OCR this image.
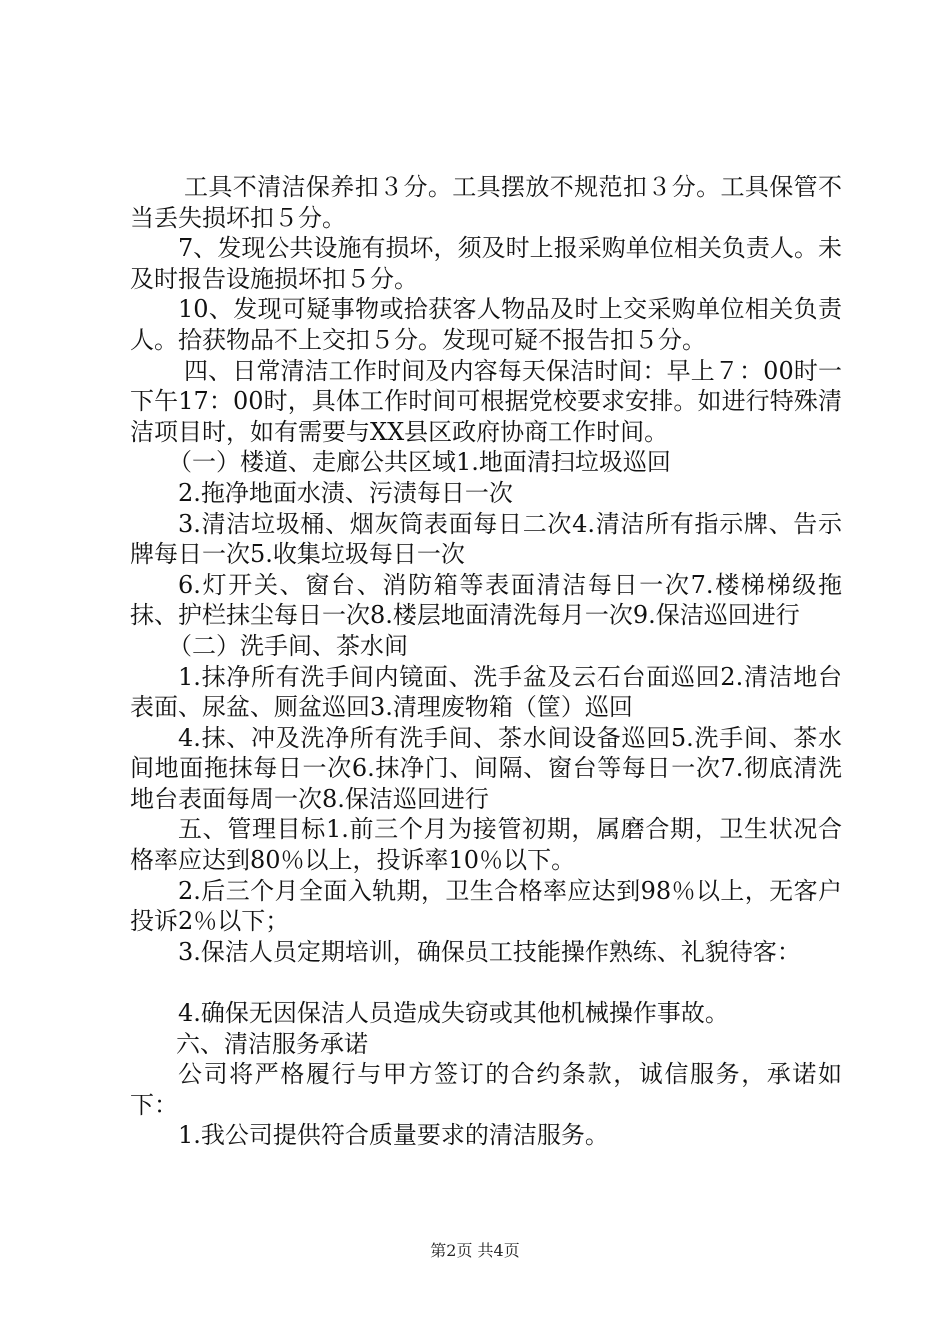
工具不清洁保养扣３分。工具摆放不规范扣３分。工具保管不当丢失损坏扣５分。

7、发现公共设施有损坏，须及时上报采购单位相关负责人。未及时报告设施损坏扣５分。

10、发现可疑事物或拾获客人物品及时上交采购单位相关负责人。拾获物品不上交扣５分。发现可疑不报告扣５分。

四、日常清洁工作时间及内容每天保洁时间：早上７：00时一下午17：00时，具体工作时间可根据党校要求安排。如进行特殊清洁项目时，如有需要与XX县区政府协商工作时间。

（一）楼道、走廊公共区域1.地面清扫垃圾巡回

2.拖净地面水渍、污渍每日一次

3.清洁垃圾桶、烟灰筒表面每日二次4.清洁所有指示牌、告示牌每日一次5.收集垃圾每日一次

6.灯开关、窗台、消防箱等表面清洁每日一次7.楼梯梯级拖抹、护栏抹尘每日一次8.楼层地面清洗每月一次9.保洁巡回进行

（二）洗手间、茶水间

1.抹净所有洗手间内镜面、洗手盆及云石台面巡回2.清洁地台表面、尿盆、厕盆巡回3.清理废物箱（筐）巡回

4.抹、冲及洗净所有洗手间、茶水间设备巡回5.洗手间、茶水间地面拖抹每日一次6.抹净门、间隔、窗台等每日一次7.彻底清洗地台表面每周一次8.保洁巡回进行

五、管理目标1.前三个月为接管初期，属磨合期，卫生状况合格率应达到80％以上，投诉率10％以下。

2.后三个月全面入轨期，卫生合格率应达到98％以上，无客户投诉2％以下；

3.保洁人员定期培训，确保员工技能操作熟练、礼貌待客：

4.确保无因保洁人员造成失窃或其他机械操作事故。

六、清洁服务承诺

公司将严格履行与甲方签订的合约条款，诚信服务，承诺如下：

1.我公司提供符合质量要求的清洁服务。

第2页 共4页
